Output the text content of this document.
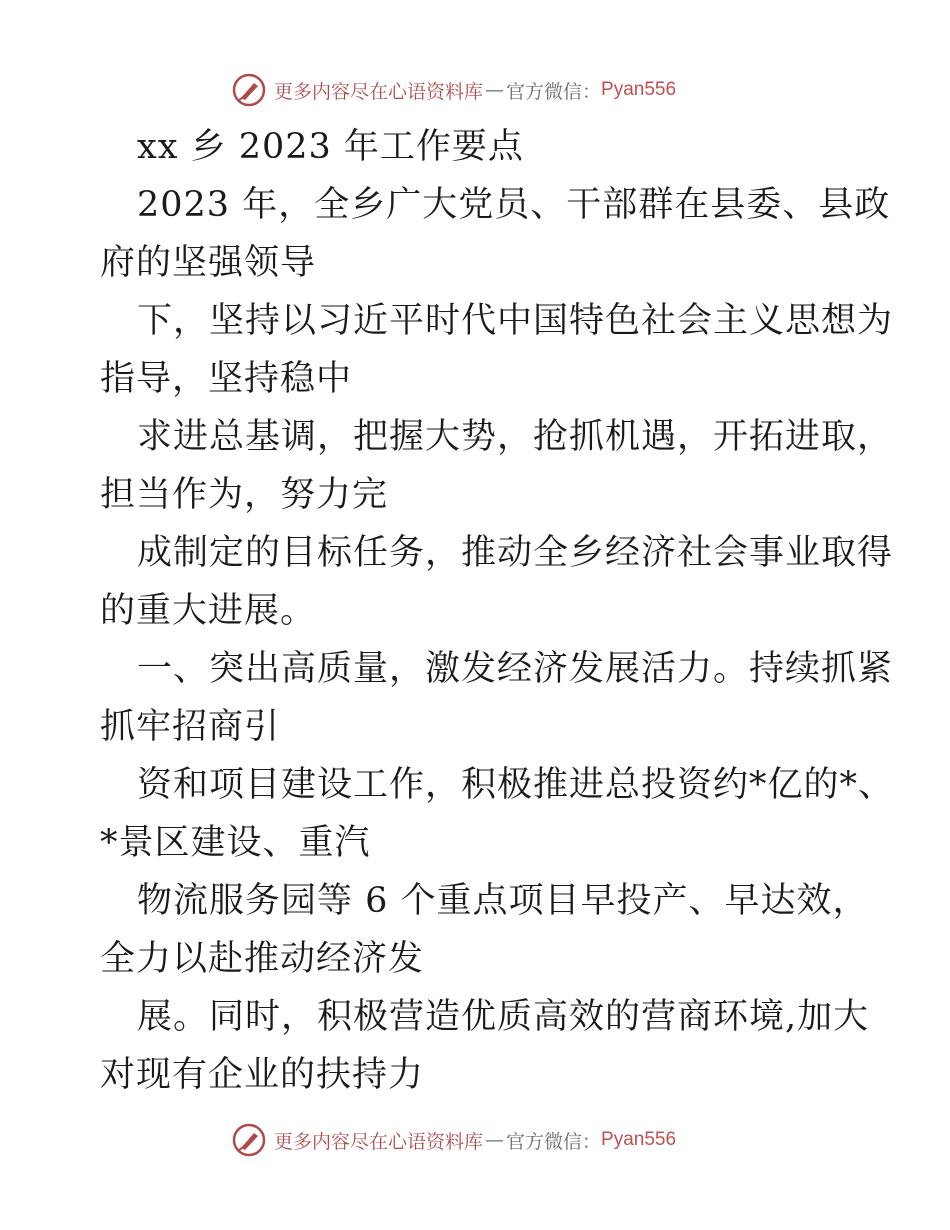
更多内容尽在心语资料库 — 官方微信： Pyan556
xx 乡 2023 年工作要点
2023 年，全乡广大党员、干部群在县委、县政
府的坚强领导
下，坚持以习近平时代中国特色社会主义思想为
指导，坚持稳中
求进总基调，把握大势，抢抓机遇，开拓进取，
担当作为，努力完
成制定的目标任务，推动全乡经济社会事业取得
的重大进展。
一、突出高质量，激发经济发展活力。持续抓紧
抓牢招商引
资和项目建设工作，积极推进总投资约*亿的*、
*景区建设、重汽
物流服务园等 6 个重点项目早投产、早达效，
全力以赴推动经济发
展。同时，积极营造优质高效的营商环境,加大
对现有企业的扶持力
更多内容尽在心语资料库 — 官方微信： Pyan556
